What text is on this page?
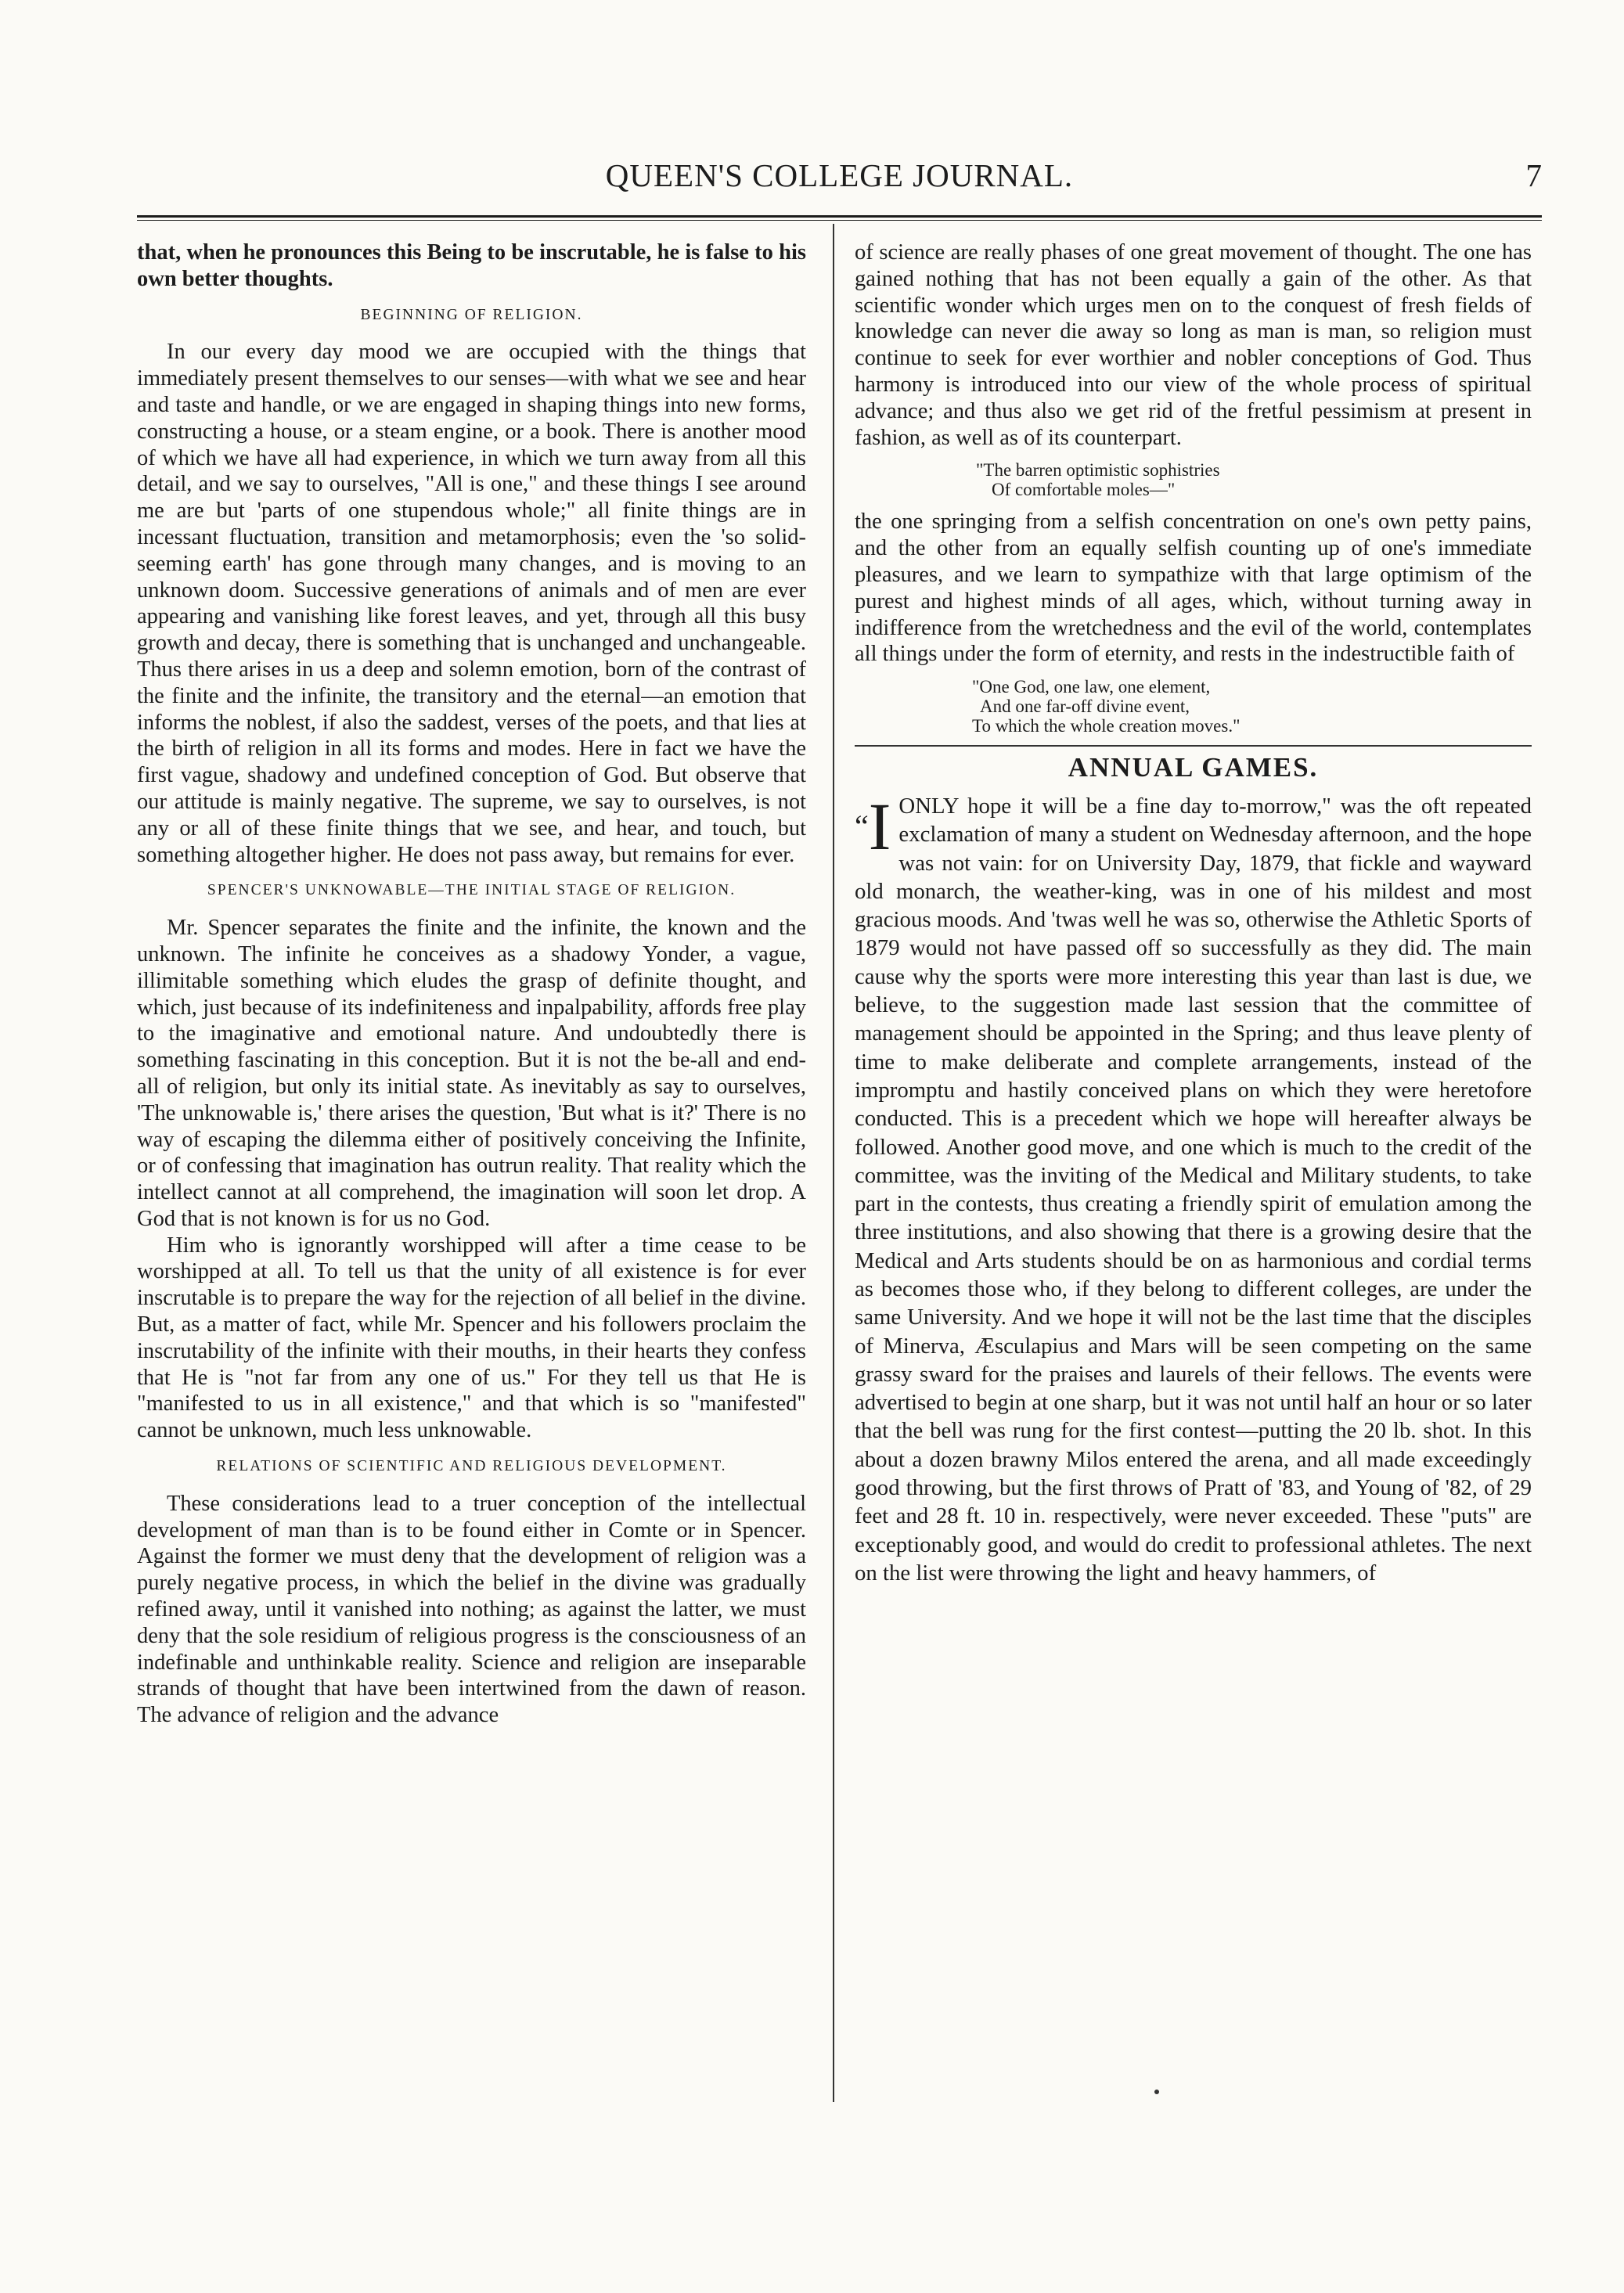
QUEEN'S COLLEGE JOURNAL.	7

that, when he pronounces this Being to be inscrutable, he is false to his own better thoughts.

BEGINNING OF RELIGION.

In our every day mood we are occupied with the things that immediately present themselves to our senses—with what we see and hear and taste and handle, or we are engaged in shaping things into new forms, constructing a house, or a steam engine, or a book. There is another mood of which we have all had experience, in which we turn away from all this detail, and we say to ourselves, "All is one," and these things I see around me are but 'parts of one stupendous whole;" all finite things are in incessant fluctuation, transition and metamorphosis; even the 'so solid-seeming earth' has gone through many changes, and is moving to an unknown doom. Successive generations of animals and of men are ever appearing and vanishing like forest leaves, and yet, through all this busy growth and decay, there is something that is unchanged and unchangeable. Thus there arises in us a deep and solemn emotion, born of the contrast of the finite and the infinite, the transitory and the eternal—an emotion that informs the noblest, if also the saddest, verses of the poets, and that lies at the birth of religion in all its forms and modes. Here in fact we have the first vague, shadowy and undefined conception of God. But observe that our attitude is mainly negative. The supreme, we say to ourselves, is not any or all of these finite things that we see, and hear, and touch, but something altogether higher. He does not pass away, but remains for ever.

SPENCER'S UNKNOWABLE—THE INITIAL STAGE OF RELIGION.

Mr. Spencer separates the finite and the infinite, the known and the unknown. The infinite he conceives as a shadowy Yonder, a vague, illimitable something which eludes the grasp of definite thought, and which, just because of its indefiniteness and inpalpability, affords free play to the imaginative and emotional nature. And undoubtedly there is something fascinating in this conception. But it is not the be-all and end-all of religion, but only its initial state. As inevitably as say to ourselves, 'The unknowable is,' there arises the question, 'But what is it?' There is no way of escaping the dilemma either of positively conceiving the Infinite, or of confessing that imagination has outrun reality. That reality which the intellect cannot at all comprehend, the imagination will soon let drop. A God that is not known is for us no God.

Him who is ignorantly worshipped will after a time cease to be worshipped at all. To tell us that the unity of all existence is for ever inscrutable is to prepare the way for the rejection of all belief in the divine. But, as a matter of fact, while Mr. Spencer and his followers proclaim the inscrutability of the infinite with their mouths, in their hearts they confess that He is "not far from any one of us." For they tell us that He is "manifested to us in all existence," and that which is so "manifested" cannot be unknown, much less unknowable.

RELATIONS OF SCIENTIFIC AND RELIGIOUS DEVELOPMENT.

These considerations lead to a truer conception of the intellectual development of man than is to be found either in Comte or in Spencer. Against the former we must deny that the development of religion was a purely negative process, in which the belief in the divine was gradually refined away, until it vanished into nothing; as against the latter, we must deny that the sole residium of religious progress is the consciousness of an indefinable and unthinkable reality. Science and religion are inseparable strands of thought that have been intertwined from the dawn of reason. The advance of religion and the advance

of science are really phases of one great movement of thought. The one has gained nothing that has not been equally a gain of the other. As that scientific wonder which urges men on to the conquest of fresh fields of knowledge can never die away so long as man is man, so religion must continue to seek for ever worthier and nobler conceptions of God. Thus harmony is introduced into our view of the whole process of spiritual advance; and thus also we get rid of the fretful pessimism at present in fashion, as well as of its counterpart.

"The barren optimistic sophistries
Of comfortable moles—"

the one springing from a selfish concentration on one's own petty pains, and the other from an equally selfish counting up of one's immediate pleasures, and we learn to sympathize with that large optimism of the purest and highest minds of all ages, which, without turning away in indifference from the wretchedness and the evil of the world, contemplates all things under the form of eternity, and rests in the indestructible faith of

"One God, one law, one element,
And one far-off divine event,
To which the whole creation moves."
ANNUAL GAMES.
“I ONLY hope it will be a fine day to-morrow," was the oft repeated exclamation of many a student on Wednesday afternoon, and the hope was not vain: for on University Day, 1879, that fickle and wayward old monarch, the weather-king, was in one of his mildest and most gracious moods. And 'twas well he was so, otherwise the Athletic Sports of 1879 would not have passed off so successfully as they did. The main cause why the sports were more interesting this year than last is due, we believe, to the suggestion made last session that the committee of management should be appointed in the Spring; and thus leave plenty of time to make deliberate and complete arrangements, instead of the impromptu and hastily conceived plans on which they were heretofore conducted. This is a precedent which we hope will hereafter always be followed. Another good move, and one which is much to the credit of the committee, was the inviting of the Medical and Military students, to take part in the contests, thus creating a friendly spirit of emulation among the three institutions, and also showing that there is a growing desire that the Medical and Arts students should be on as harmonious and cordial terms as becomes those who, if they belong to different colleges, are under the same University. And we hope it will not be the last time that the disciples of Minerva, Æsculapius and Mars will be seen competing on the same grassy sward for the praises and laurels of their fellows. The events were advertised to begin at one sharp, but it was not until half an hour or so later that the bell was rung for the first contest—putting the 20 lb. shot. In this about a dozen brawny Milos entered the arena, and all made exceedingly good throwing, but the first throws of Pratt of '83, and Young of '82, of 29 feet and 28 ft. 10 in. respectively, were never exceeded. These "puts" are exceptionably good, and would do credit to professional athletes. The next on the list were throwing the light and heavy hammers, of
